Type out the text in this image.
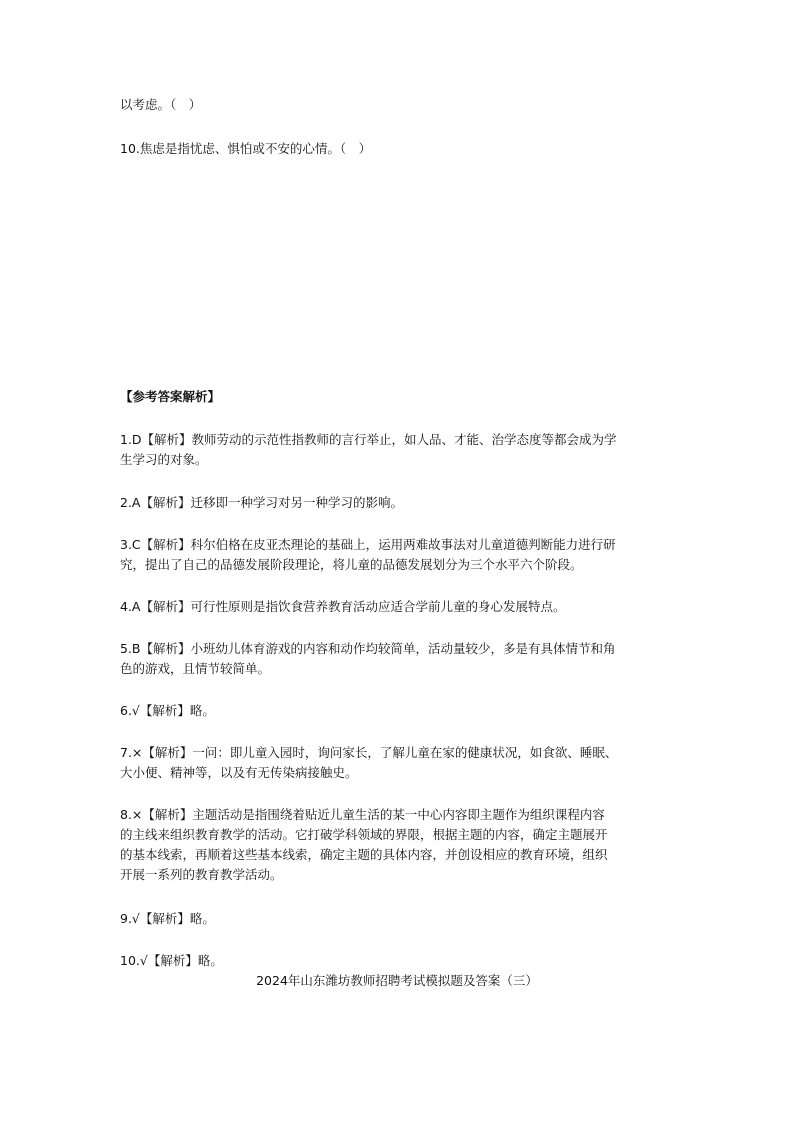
以考虑。（　）
10.焦虑是指忧虑、惧怕或不安的心情。（　）
【参考答案解析】
1.D【解析】教师劳动的示范性指教师的言行举止，如人品、才能、治学态度等都会成为学
生学习的对象。
2.A【解析】迁移即一种学习对另一种学习的影响。
3.C【解析】科尔伯格在皮亚杰理论的基础上，运用两难故事法对儿童道德判断能力进行研
究，提出了自己的品德发展阶段理论，将儿童的品德发展划分为三个水平六个阶段。
4.A【解析】可行性原则是指饮食营养教育活动应适合学前儿童的身心发展特点。
5.B【解析】小班幼儿体育游戏的内容和动作均较简单，活动量较少，多是有具体情节和角
色的游戏，且情节较简单。
6.√【解析】略。
7.×【解析】一问：即儿童入园时，询问家长，了解儿童在家的健康状况，如食欲、睡眠、
大小便、精神等，以及有无传染病接触史。
8.×【解析】主题活动是指围绕着贴近儿童生活的某一中心内容即主题作为组织课程内容
的主线来组织教育教学的活动。它打破学科领域的界限，根据主题的内容，确定主题展开
的基本线索，再顺着这些基本线索，确定主题的具体内容，并创设相应的教育环境，组织
开展一系列的教育教学活动。
9.√【解析】略。
10.√【解析】略。
2024年山东潍坊教师招聘考试模拟题及答案（三）
